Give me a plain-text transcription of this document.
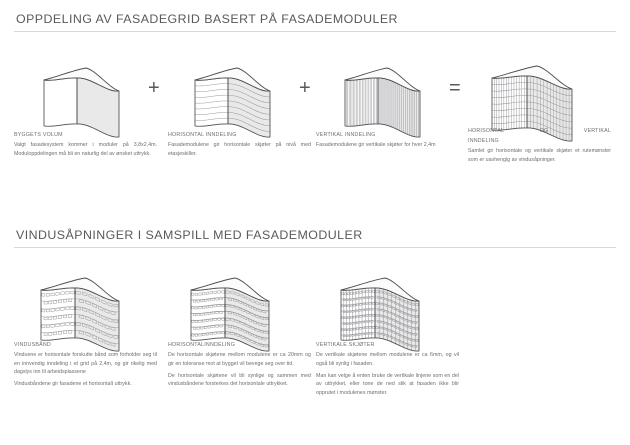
OPPDELING AV FASADEGRID BASERT PÅ FASADEMODULER
+	+	=
BYGGETS VOLUM

Valgt fasadesystem kommer i moduler på 3,8x2,4m. Moduloppdelingen må bli en naturlig del av ønsket uttrykk.

HORISONTAL INNDELING

Fasademodulene gir horisontale skjøter på nivå med etasjeskiller.

VERTIKAL INNDELING

Fasademodulene gir vertikale skjøter for hver 2,4m

HORISONTAL	OG	VERTIKAL
INNDELING

Samlet gir horisontale og vertikale skjøter et rutemønster som er uavhengig av vindusåpninger.

VINDUSÅPNINGER I SAMSPILL MED FASADEMODULER
VINDUSBÅND

Vinduene er horisontale forskutte bånd som forholder seg til en innvendig inndeling i et grid på 2,4m, og gir rikelig med dagslys inn til arbeidsplassene

Vindusbåndene gir fasadene et horisontalt uttrykk.

HORISONTALINNDELING

De horisontale skjøtene mellom modulene er ca 20mm og gir en toleranse mot at bygget vil bevege seg over tid.

De horisontale skjøtene vil bli synlige og sammen med vindusbåndene forsterkes det horisontale uttrykket.

VERTIKALE SKJØTER

De vertikale skjøtene mellom modulene er ca 6mm, og vil også bli synlig i fasaden.

Man kan velge å enten bruke de vertikale linjene som en del av uttrykket, eller tone de ned slik at fasaden ikke blir opprutet i modulenes mønster.
